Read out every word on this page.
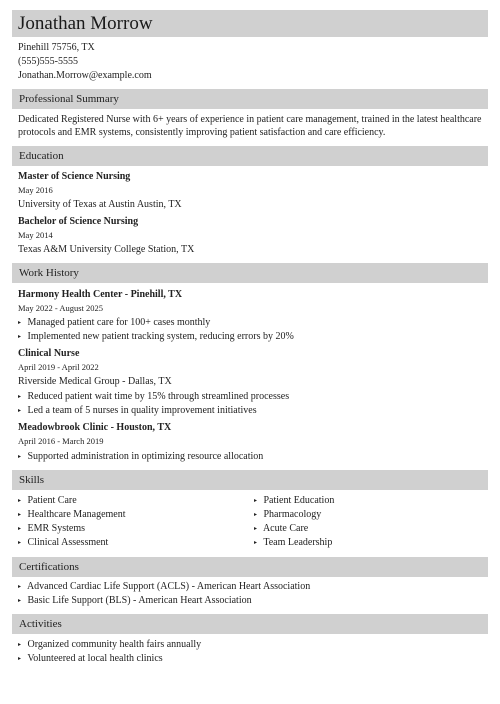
Jonathan Morrow
Pinehill 75756, TX
(555)555-5555
Jonathan.Morrow@example.com
Professional Summary
Dedicated Registered Nurse with 6+ years of experience in patient care management, trained in the latest healthcare
protocols and EMR systems, consistently improving patient satisfaction and care efficiency.
Education
Master of Science Nursing
May 2016
University of Texas at Austin Austin, TX
Bachelor of Science Nursing
May 2014
Texas A&M University College Station, TX
Work History
Harmony Health Center - Pinehill, TX
May 2022 - August 2025
▸ Managed patient care for 100+ cases monthly
▸ Implemented new patient tracking system, reducing errors by 20%
Clinical Nurse
April 2019 - April 2022
Riverside Medical Group - Dallas, TX
▸ Reduced patient wait time by 15% through streamlined processes
▸ Led a team of 5 nurses in quality improvement initiatives
Meadowbrook Clinic - Houston, TX
April 2016 - March 2019
▸ Supported administration in optimizing resource allocation
Skills
▸ Patient Care
▸ Healthcare Management
▸ EMR Systems
▸ Clinical Assessment
▸ Patient Education
▸ Pharmacology
▸ Acute Care
▸ Team Leadership
Certifications
▸ Advanced Cardiac Life Support (ACLS) - American Heart Association
▸ Basic Life Support (BLS) - American Heart Association
Activities
▸ Organized community health fairs annually
▸ Volunteered at local health clinics
